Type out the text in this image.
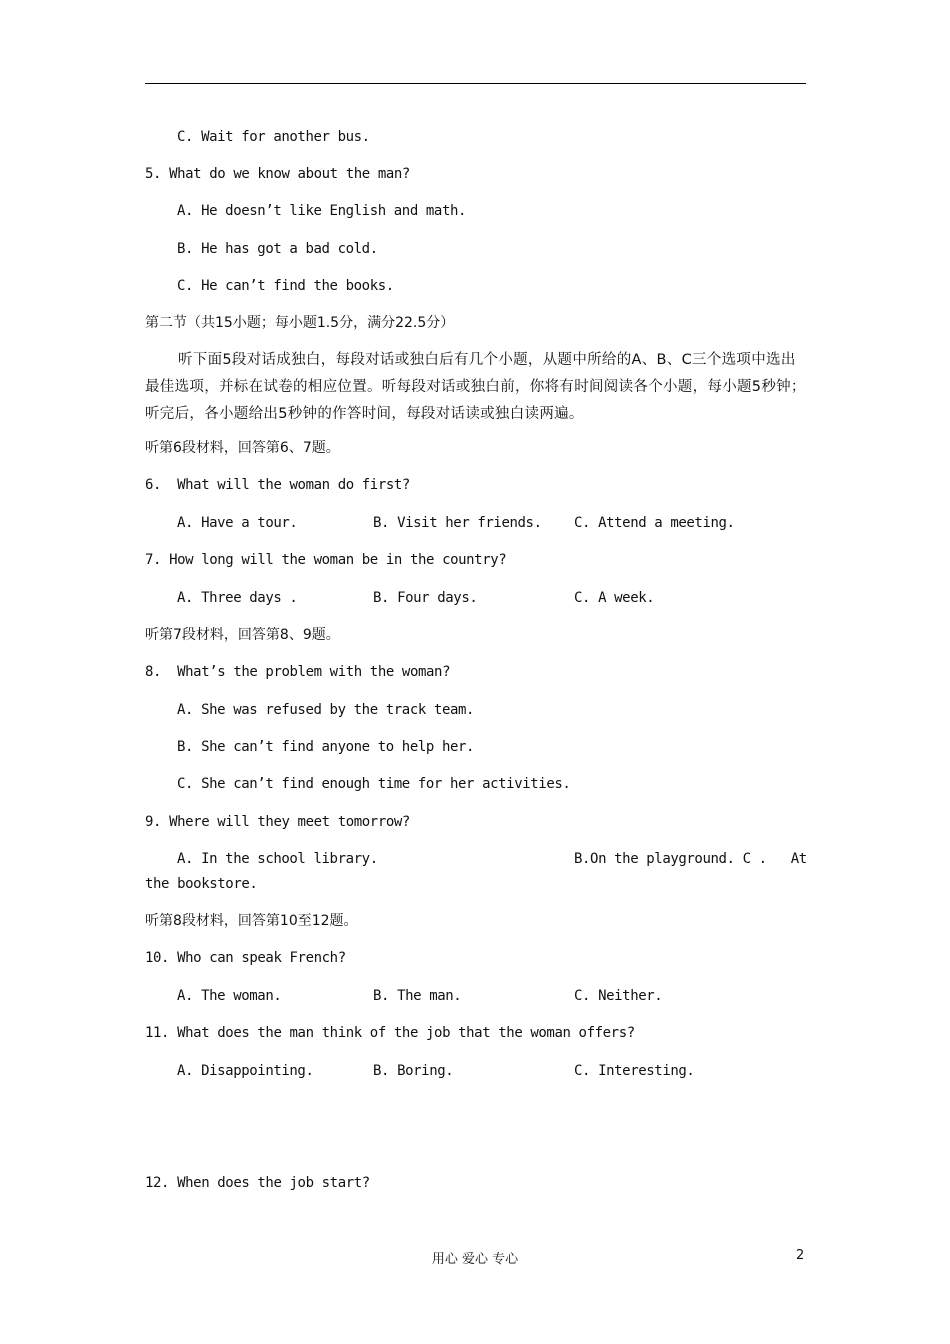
C. Wait for another bus.
5. What do we know about the man?
A. He doesn’t like English and math.
B. He has got a bad cold.
C. He can’t find the books.
第二节（共15小题；每小题1.5分，满分22.5分）
听下面5段对话成独白，每段对话或独白后有几个小题，从题中所给的A、B、C三个选项中选出最佳选项，并标在试卷的相应位置。听每段对话或独白前，你将有时间阅读各个小题，每小题5秒钟；听完后，各小题给出5秒钟的作答时间，每段对话读或独白读两遍。
听第6段材料，回答第6、7题。
6.  What will the woman do first?
A. Have a tour.	B. Visit her friends. C. Attend a meeting.
7. How long will the woman be in the country?
A. Three days .	B. Four days.	C. A week.
听第7段材料，回答第8、9题。
8.  What’s the problem with the woman?
A. She was refused by the track team.
B. She can’t find anyone to help her.
C. She can’t find enough time for her activities.
9. Where will they meet tomorrow?
A. In the school library.	B.On the playground. C .   At
the bookstore.
听第8段材料，回答第10至12题。
10. Who can speak French?
A. The woman.	B. The man.	C. Neither.
11. What does the man think of the job that the woman offers?
A. Disappointing.	B. Boring.	C. Interesting.
12. When does the job start?
用心 爱心 专心	2
